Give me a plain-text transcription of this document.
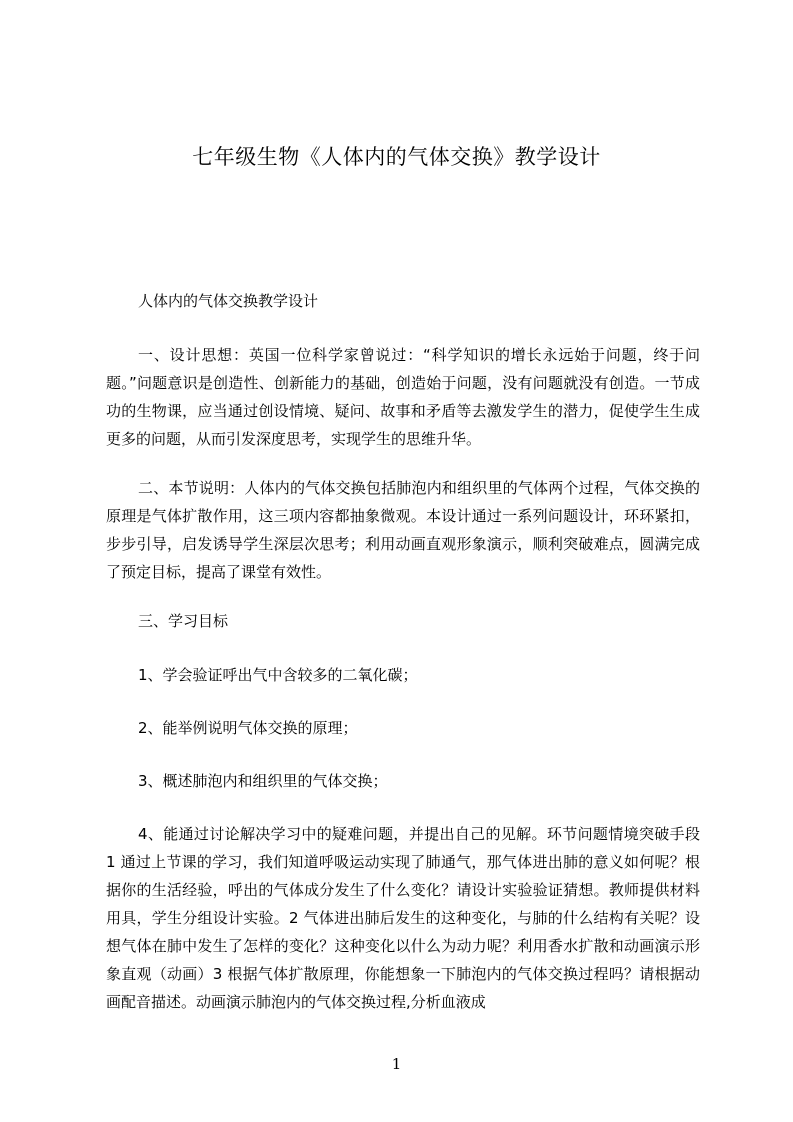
七年级生物《人体内的气体交换》教学设计
人体内的气体交换教学设计
一、设计思想：英国一位科学家曾说过：“科学知识的增长永远始于问题，终于问题。”问题意识是创造性、创新能力的基础，创造始于问题，没有问题就没有创造。一节成功的生物课，应当通过创设情境、疑问、故事和矛盾等去激发学生的潜力，促使学生生成更多的问题，从而引发深度思考，实现学生的思维升华。
二、本节说明：人体内的气体交换包括肺泡内和组织里的气体两个过程，气体交换的原理是气体扩散作用，这三项内容都抽象微观。本设计通过一系列问题设计，环环紧扣，步步引导，启发诱导学生深层次思考；利用动画直观形象演示，顺利突破难点，圆满完成了预定目标，提高了课堂有效性。
三、学习目标
1、学会验证呼出气中含较多的二氧化碳；
2、能举例说明气体交换的原理；
3、概述肺泡内和组织里的气体交换；
4、能通过讨论解决学习中的疑难问题，并提出自己的见解。环节问题情境突破手段 1 通过上节课的学习，我们知道呼吸运动实现了肺通气，那气体进出肺的意义如何呢？根据你的生活经验，呼出的气体成分发生了什么变化？请设计实验验证猜想。教师提供材料用具，学生分组设计实验。2 气体进出肺后发生的这种变化，与肺的什么结构有关呢？设想气体在肺中发生了怎样的变化？这种变化以什么为动力呢？利用香水扩散和动画演示形象直观（动画）3 根据气体扩散原理，你能想象一下肺泡内的气体交换过程吗？请根据动画配音描述。动画演示肺泡内的气体交换过程,分析血液成
1
